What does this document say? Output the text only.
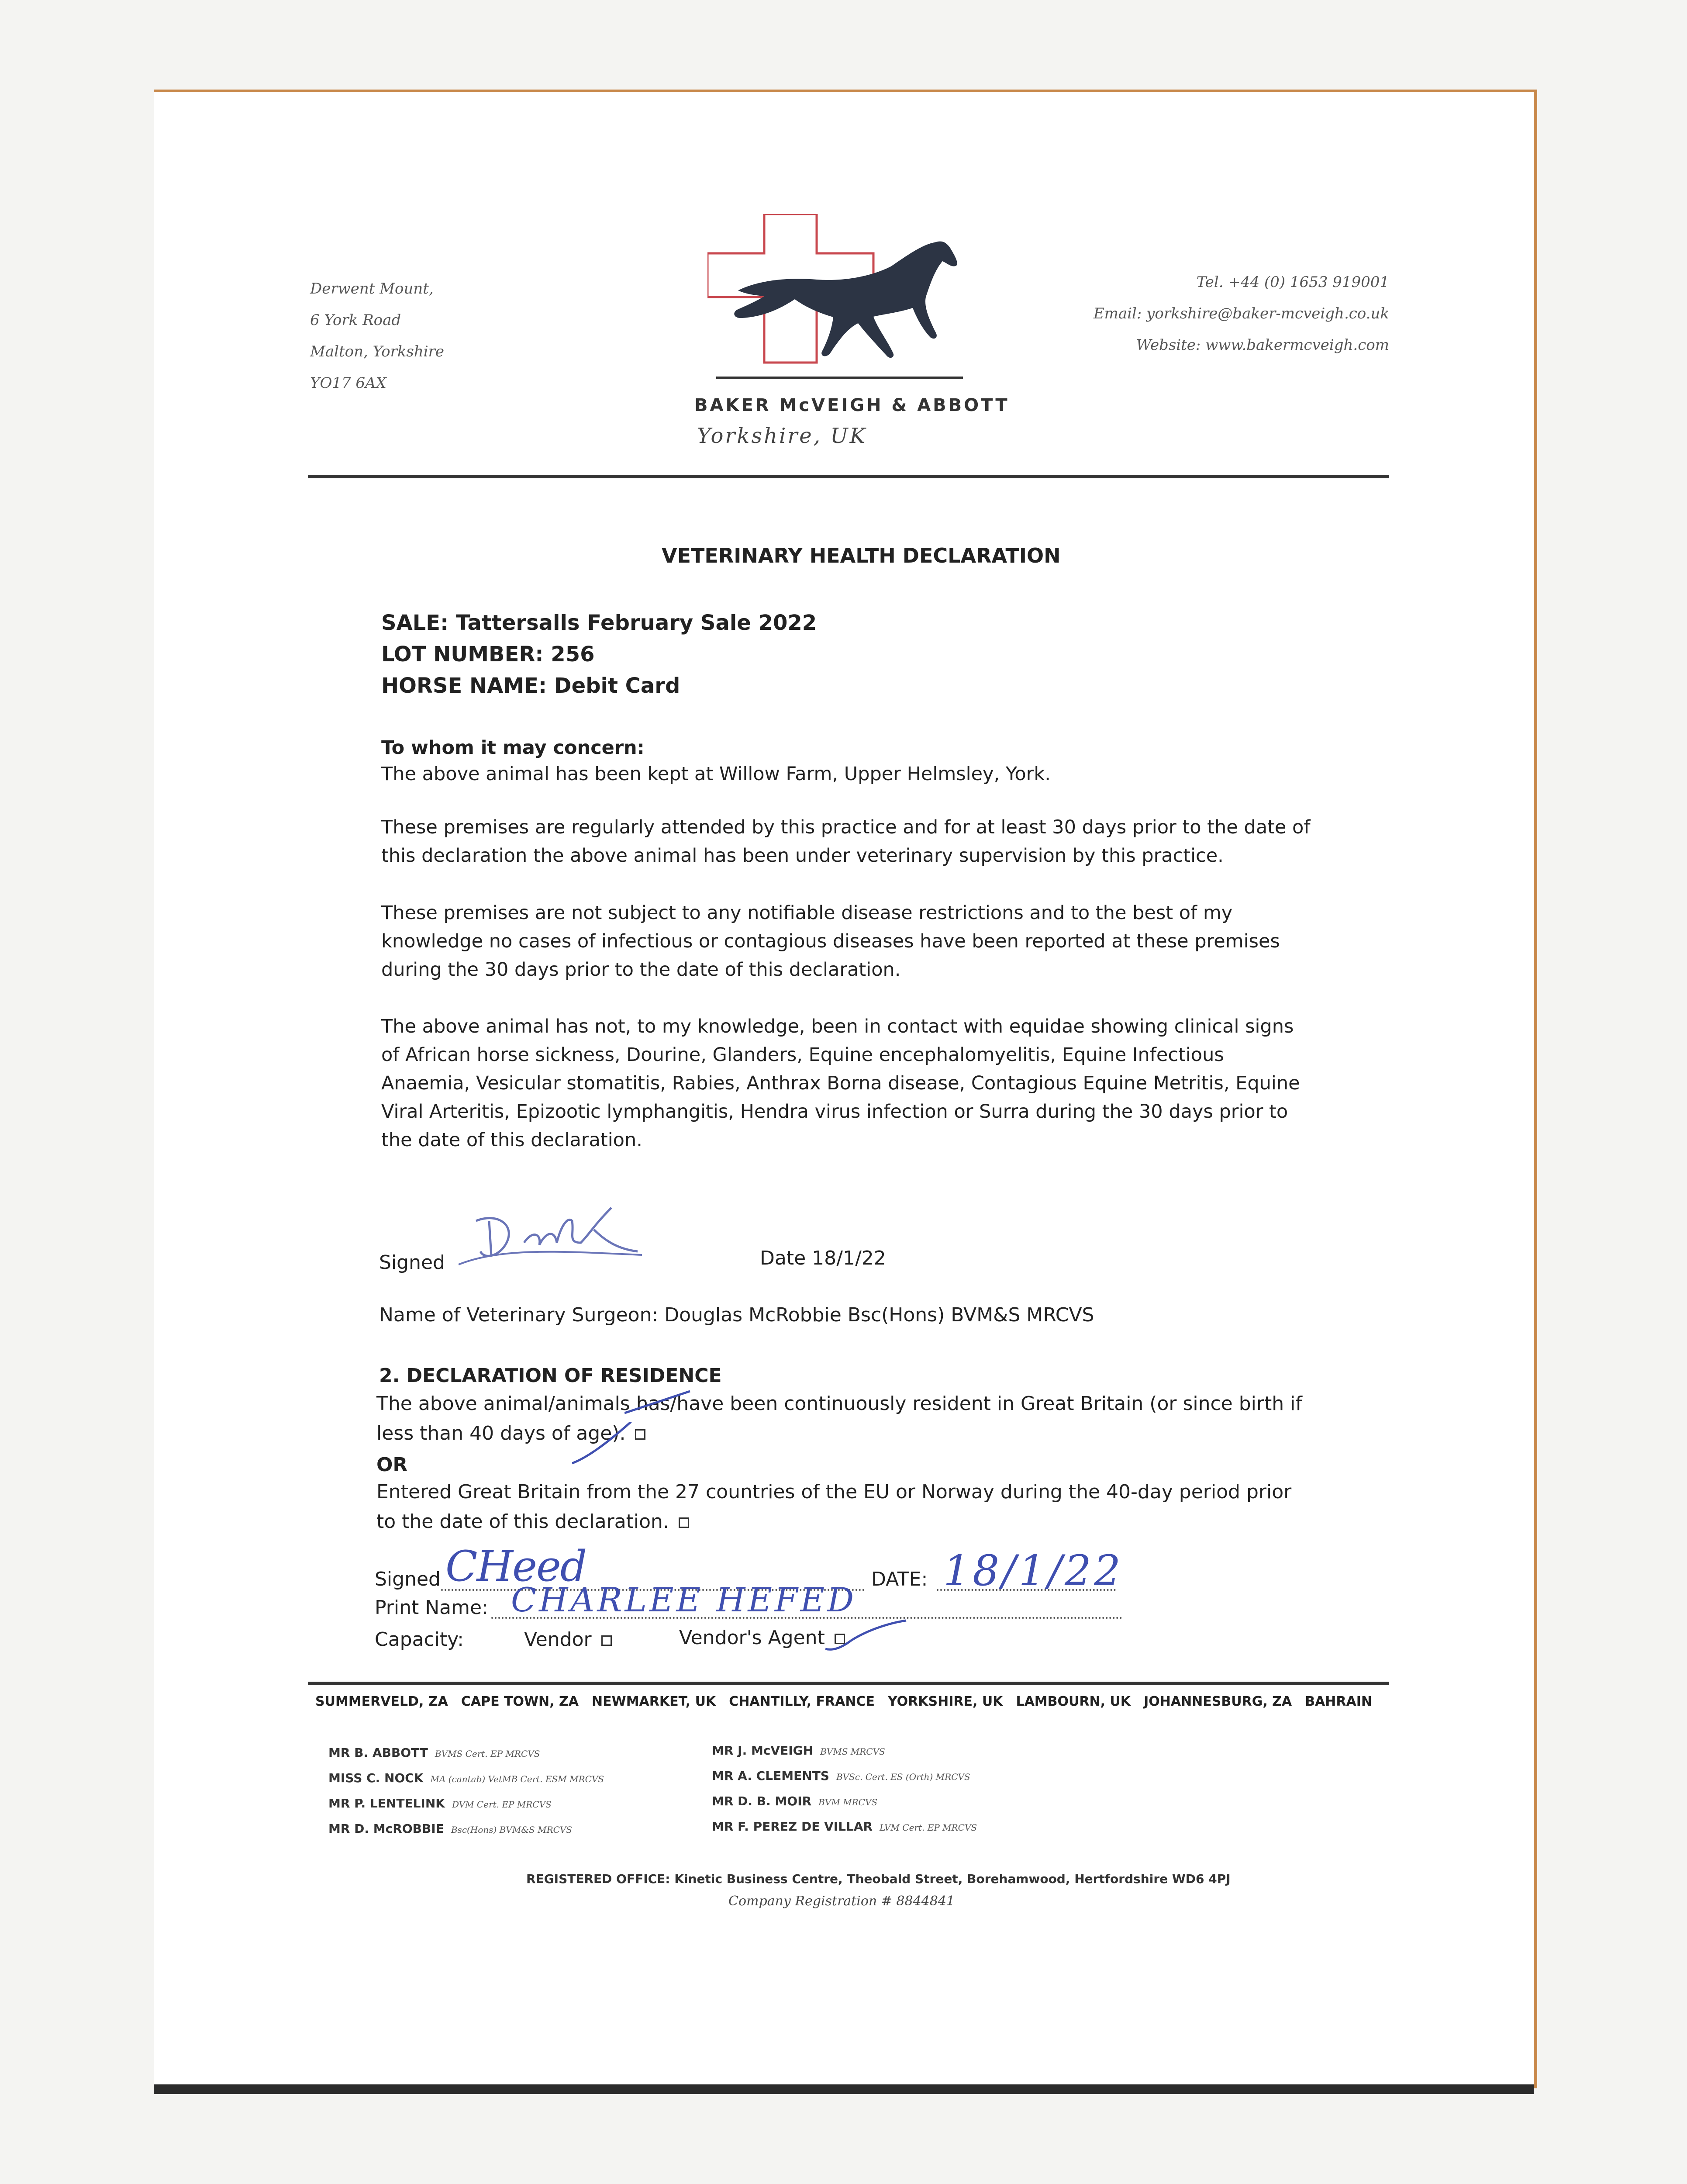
Derwent Mount,
6 York Road
Malton, Yorkshire
YO17 6AX
BAKER McVEIGH & ABBOTT
Yorkshire, UK
Tel. +44 (0) 1653 919001
Email: yorkshire@baker-mcveigh.co.uk
Website: www.bakermcveigh.com
VETERINARY HEALTH DECLARATION
SALE: Tattersalls February Sale 2022
LOT NUMBER: 256
HORSE NAME: Debit Card
To whom it may concern:
The above animal has been kept at Willow Farm, Upper Helmsley, York.
These premises are regularly attended by this practice and for at least 30 days prior to the date of this declaration the above animal has been under veterinary supervision by this practice.
These premises are not subject to any notifiable disease restrictions and to the best of my knowledge no cases of infectious or contagious diseases have been reported at these premises during the 30 days prior to the date of this declaration.
The above animal has not, to my knowledge, been in contact with equidae showing clinical signs of African horse sickness, Dourine, Glanders, Equine encephalomyelitis, Equine Infectious Anaemia, Vesicular stomatitis, Rabies, Anthrax Borna disease, Contagious Equine Metritis, Equine Viral Arteritis, Epizootic lymphangitis, Hendra virus infection or Surra during the 30 days prior to the date of this declaration.
Signed	Date 18/1/22
Name of Veterinary Surgeon: Douglas McRobbie Bsc(Hons) BVM&S MRCVS
2. DECLARATION OF RESIDENCE
The above animal/animals has/have been continuously resident in Great Britain (or since birth if less than 40 days of age).
OR
Entered Great Britain from the 27 countries of the EU or Norway during the 40-day period prior to the date of this declaration.
Signed	DATE:
CHeed	18/1/22
Print Name: CHARLEE HEFED
Capacity:	Vendor	Vendor's Agent
SUMMERVELD, ZA CAPE TOWN, ZA NEWMARKET, UK CHANTILLY, FRANCE YORKSHIRE, UK LAMBOURN, UK JOHANNESBURG, ZA BAHRAIN
MR B. ABBOTT BVMS Cert. EP MRCVS
MISS C. NOCK MA (cantab) VetMB Cert. ESM MRCVS
MR P. LENTELINK DVM Cert. EP MRCVS
MR D. McROBBIE Bsc(Hons) BVM&S MRCVS
MR J. McVEIGH BVMS MRCVS
MR A. CLEMENTS BVSc. Cert. ES (Orth) MRCVS
MR D. B. MOIR BVM MRCVS
MR F. PEREZ DE VILLAR LVM Cert. EP MRCVS
REGISTERED OFFICE: Kinetic Business Centre, Theobald Street, Borehamwood, Hertfordshire WD6 4PJ
Company Registration # 8844841
